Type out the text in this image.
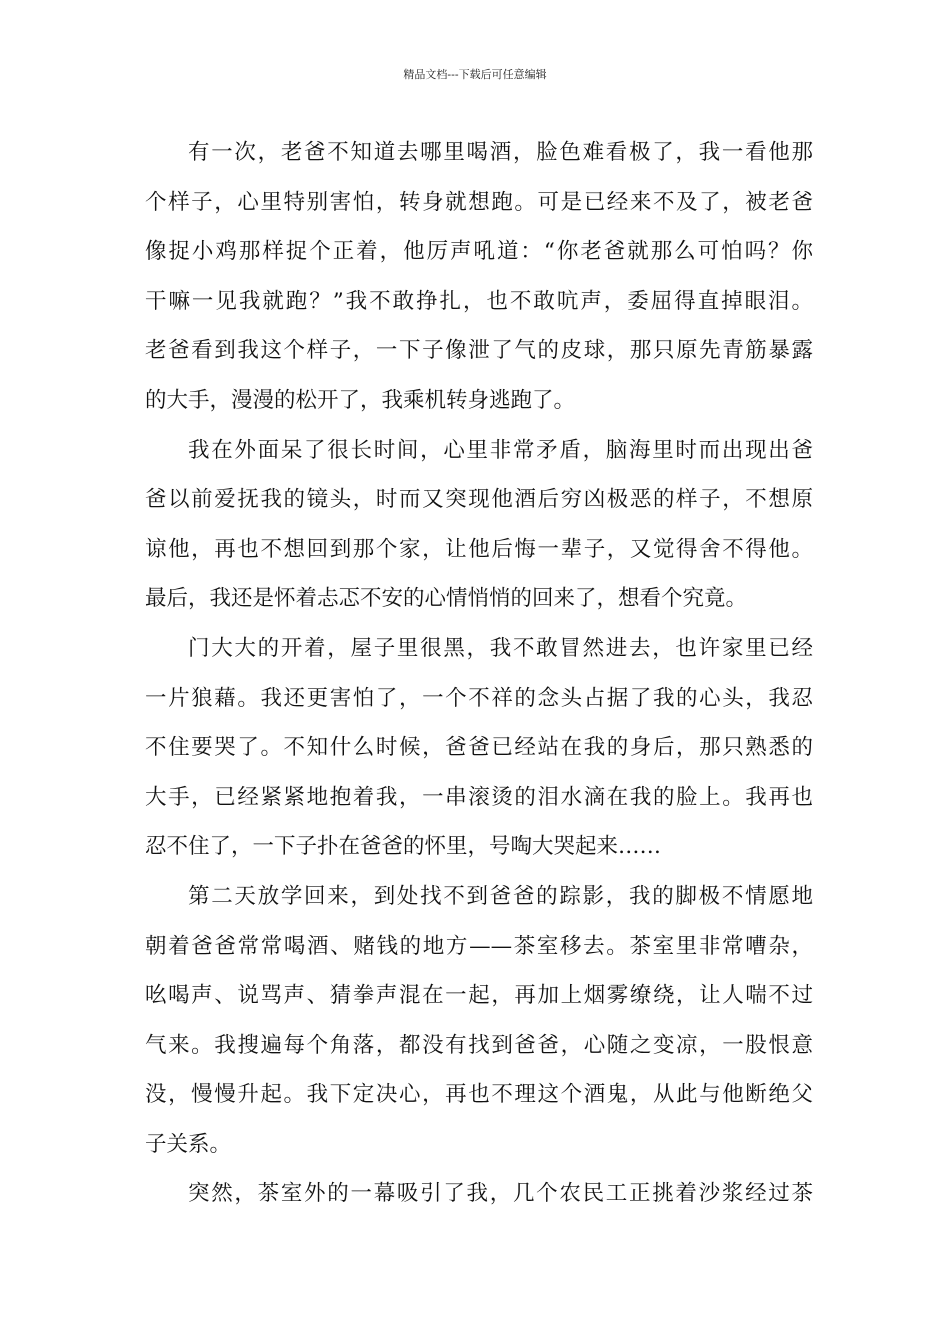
精品文档---下载后可任意编辑

有一次，老爸不知道去哪里喝酒，脸色难看极了，我一看他那
个样子，心里特别害怕，转身就想跑。可是已经来不及了，被老爸
像捉小鸡那样捉个正着，他厉声吼道：“你老爸就那么可怕吗？你
干嘛一见我就跑？”我不敢挣扎，也不敢吭声，委屈得直掉眼泪。
老爸看到我这个样子，一下子像泄了气的皮球，那只原先青筋暴露
的大手，漫漫的松开了，我乘机转身逃跑了。

我在外面呆了很长时间，心里非常矛盾，脑海里时而出现出爸
爸以前爱抚我的镜头，时而又突现他酒后穷凶极恶的样子，不想原
谅他，再也不想回到那个家，让他后悔一辈子，又觉得舍不得他。
最后，我还是怀着忐忑不安的心情悄悄的回来了，想看个究竟。

门大大的开着，屋子里很黑，我不敢冒然进去，也许家里已经
一片狼藉。我还更害怕了，一个不祥的念头占据了我的心头，我忍
不住要哭了。不知什么时候，爸爸已经站在我的身后，那只熟悉的
大手，已经紧紧地抱着我，一串滚烫的泪水滴在我的脸上。我再也
忍不住了，一下子扑在爸爸的怀里，号啕大哭起来……

第二天放学回来，到处找不到爸爸的踪影，我的脚极不情愿地
朝着爸爸常常喝酒、赌钱的地方——茶室移去。茶室里非常嘈杂，
吆喝声、说骂声、猜拳声混在一起，再加上烟雾缭绕，让人喘不过
气来。我搜遍每个角落，都没有找到爸爸，心随之变凉，一股恨意
没，慢慢升起。我下定决心，再也不理这个酒鬼，从此与他断绝父
子关系。

突然，茶室外的一幕吸引了我，几个农民工正挑着沙浆经过茶
